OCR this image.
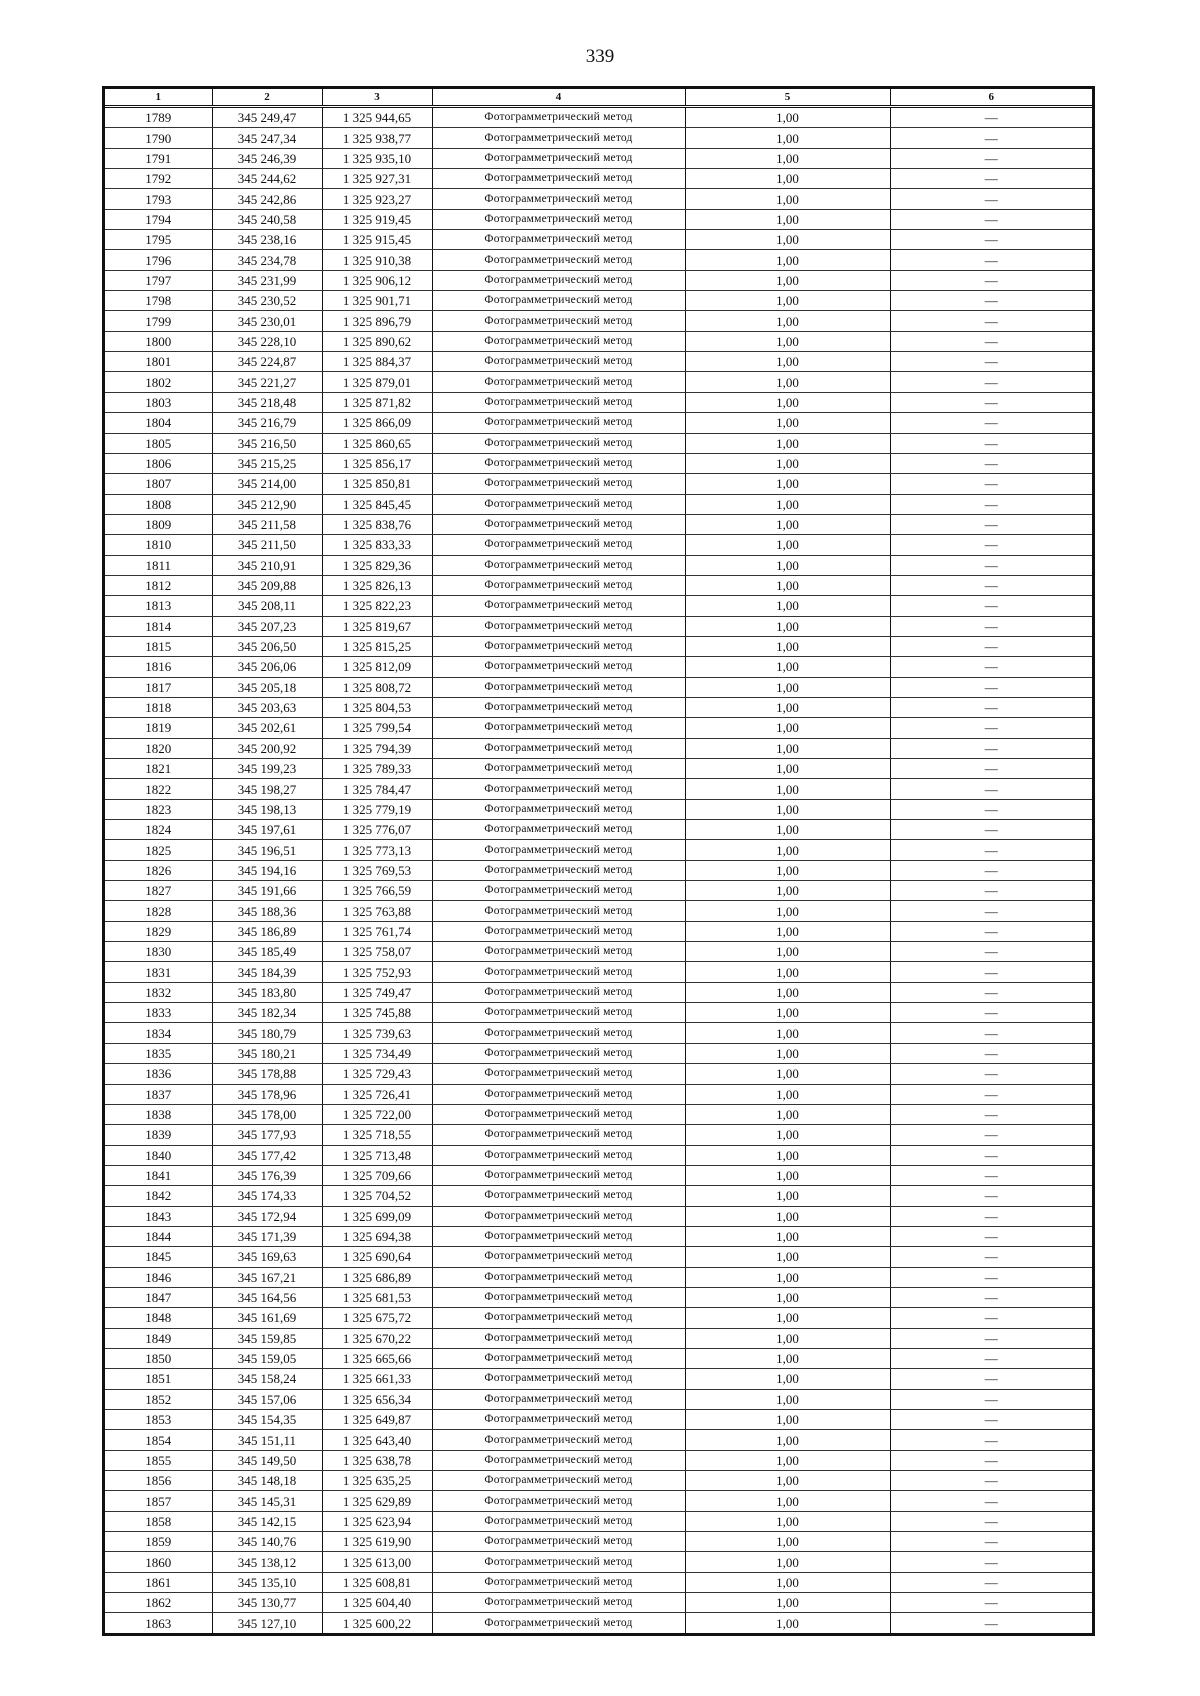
339
1	2	3	4	5	6
1789	345 249,47	1 325 944,65	Фотограмметрический метод	1,00	—
1790	345 247,34	1 325 938,77	Фотограмметрический метод	1,00	—
1791	345 246,39	1 325 935,10	Фотограмметрический метод	1,00	—
1792	345 244,62	1 325 927,31	Фотограмметрический метод	1,00	—
1793	345 242,86	1 325 923,27	Фотограмметрический метод	1,00	—
1794	345 240,58	1 325 919,45	Фотограмметрический метод	1,00	—
1795	345 238,16	1 325 915,45	Фотограмметрический метод	1,00	—
1796	345 234,78	1 325 910,38	Фотограмметрический метод	1,00	—
1797	345 231,99	1 325 906,12	Фотограмметрический метод	1,00	—
1798	345 230,52	1 325 901,71	Фотограмметрический метод	1,00	—
1799	345 230,01	1 325 896,79	Фотограмметрический метод	1,00	—
1800	345 228,10	1 325 890,62	Фотограмметрический метод	1,00	—
1801	345 224,87	1 325 884,37	Фотограмметрический метод	1,00	—
1802	345 221,27	1 325 879,01	Фотограмметрический метод	1,00	—
1803	345 218,48	1 325 871,82	Фотограмметрический метод	1,00	—
1804	345 216,79	1 325 866,09	Фотограмметрический метод	1,00	—
1805	345 216,50	1 325 860,65	Фотограмметрический метод	1,00	—
1806	345 215,25	1 325 856,17	Фотограмметрический метод	1,00	—
1807	345 214,00	1 325 850,81	Фотограмметрический метод	1,00	—
1808	345 212,90	1 325 845,45	Фотограмметрический метод	1,00	—
1809	345 211,58	1 325 838,76	Фотограмметрический метод	1,00	—
1810	345 211,50	1 325 833,33	Фотограмметрический метод	1,00	—
1811	345 210,91	1 325 829,36	Фотограмметрический метод	1,00	—
1812	345 209,88	1 325 826,13	Фотограмметрический метод	1,00	—
1813	345 208,11	1 325 822,23	Фотограмметрический метод	1,00	—
1814	345 207,23	1 325 819,67	Фотограмметрический метод	1,00	—
1815	345 206,50	1 325 815,25	Фотограмметрический метод	1,00	—
1816	345 206,06	1 325 812,09	Фотограмметрический метод	1,00	—
1817	345 205,18	1 325 808,72	Фотограмметрический метод	1,00	—
1818	345 203,63	1 325 804,53	Фотограмметрический метод	1,00	—
1819	345 202,61	1 325 799,54	Фотограмметрический метод	1,00	—
1820	345 200,92	1 325 794,39	Фотограмметрический метод	1,00	—
1821	345 199,23	1 325 789,33	Фотограмметрический метод	1,00	—
1822	345 198,27	1 325 784,47	Фотограмметрический метод	1,00	—
1823	345 198,13	1 325 779,19	Фотограмметрический метод	1,00	—
1824	345 197,61	1 325 776,07	Фотограмметрический метод	1,00	—
1825	345 196,51	1 325 773,13	Фотограмметрический метод	1,00	—
1826	345 194,16	1 325 769,53	Фотограмметрический метод	1,00	—
1827	345 191,66	1 325 766,59	Фотограмметрический метод	1,00	—
1828	345 188,36	1 325 763,88	Фотограмметрический метод	1,00	—
1829	345 186,89	1 325 761,74	Фотограмметрический метод	1,00	—
1830	345 185,49	1 325 758,07	Фотограмметрический метод	1,00	—
1831	345 184,39	1 325 752,93	Фотограмметрический метод	1,00	—
1832	345 183,80	1 325 749,47	Фотограмметрический метод	1,00	—
1833	345 182,34	1 325 745,88	Фотограмметрический метод	1,00	—
1834	345 180,79	1 325 739,63	Фотограмметрический метод	1,00	—
1835	345 180,21	1 325 734,49	Фотограмметрический метод	1,00	—
1836	345 178,88	1 325 729,43	Фотограмметрический метод	1,00	—
1837	345 178,96	1 325 726,41	Фотограмметрический метод	1,00	—
1838	345 178,00	1 325 722,00	Фотограмметрический метод	1,00	—
1839	345 177,93	1 325 718,55	Фотограмметрический метод	1,00	—
1840	345 177,42	1 325 713,48	Фотограмметрический метод	1,00	—
1841	345 176,39	1 325 709,66	Фотограмметрический метод	1,00	—
1842	345 174,33	1 325 704,52	Фотограмметрический метод	1,00	—
1843	345 172,94	1 325 699,09	Фотограмметрический метод	1,00	—
1844	345 171,39	1 325 694,38	Фотограмметрический метод	1,00	—
1845	345 169,63	1 325 690,64	Фотограмметрический метод	1,00	—
1846	345 167,21	1 325 686,89	Фотограмметрический метод	1,00	—
1847	345 164,56	1 325 681,53	Фотограмметрический метод	1,00	—
1848	345 161,69	1 325 675,72	Фотограмметрический метод	1,00	—
1849	345 159,85	1 325 670,22	Фотограмметрический метод	1,00	—
1850	345 159,05	1 325 665,66	Фотограмметрический метод	1,00	—
1851	345 158,24	1 325 661,33	Фотограмметрический метод	1,00	—
1852	345 157,06	1 325 656,34	Фотограмметрический метод	1,00	—
1853	345 154,35	1 325 649,87	Фотограмметрический метод	1,00	—
1854	345 151,11	1 325 643,40	Фотограмметрический метод	1,00	—
1855	345 149,50	1 325 638,78	Фотограмметрический метод	1,00	—
1856	345 148,18	1 325 635,25	Фотограмметрический метод	1,00	—
1857	345 145,31	1 325 629,89	Фотограмметрический метод	1,00	—
1858	345 142,15	1 325 623,94	Фотограмметрический метод	1,00	—
1859	345 140,76	1 325 619,90	Фотограмметрический метод	1,00	—
1860	345 138,12	1 325 613,00	Фотограмметрический метод	1,00	—
1861	345 135,10	1 325 608,81	Фотограмметрический метод	1,00	—
1862	345 130,77	1 325 604,40	Фотограмметрический метод	1,00	—
1863	345 127,10	1 325 600,22	Фотограмметрический метод	1,00	—
